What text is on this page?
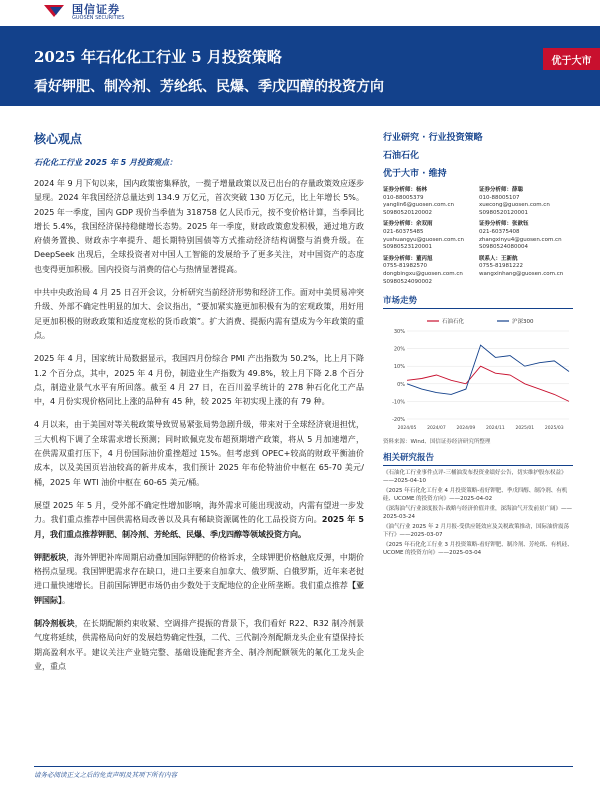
国信证券
GUOSEN SECURITIES
2025 年石化化工行业 5 月投资策略
看好钾肥、制冷剂、芳纶纸、民爆、季戊四醇的投资方向
优于大市
核心观点
石化化工行业 2025 年 5 月投资观点：

2024 年 9 月下旬以来，国内政策密集释放，一揽子增量政策以及已出台的存量政策效应逐步显现。2024 年我国经济总量达到 134.9 万亿元，首次突破 130 万亿元，比上年增长 5%。2025 年一季度，国内 GDP 现价当季值为 318758 亿人民币元，按不变价格计算，当季同比增长 5.4%，我国经济保持稳健增长态势。2025 年一季度，财政政策愈发积极，通过地方政府债务置换、财政赤字率提升、超长期特别国债等方式推动经济结构调整与消费升级。在 DeepSeek 出现后，全球投资者对中国人工智能的发展给予了更多关注，对中国资产的态度也变得更加积极。国内投资与消费的信心与热情显著提高。

中共中央政治局 4 月 25 日召开会议，分析研究当前经济形势和经济工作。面对中美贸易冲突升级、外部不确定性明显的加大、会议指出，“要加紧实施更加积极有为的宏观政策，用好用足更加积极的财政政策和适度宽松的货币政策”。扩大消费、提振内需有望成为今年政策的重点。

2025 年 4 月，国家统计局数据显示，我国四月份综合 PMI 产出指数为 50.2%，比上月下降 1.2 个百分点，其中，2025 年 4 月份，制造业生产指数为 49.8%，较上月下降 2.8 个百分点，制造业景气水平有所回落。截至 4 月 27 日，在百川盈孚统计的 278 种石化化工产品中，4 月份实现价格同比上涨的品种有 45 种，较 2025 年初实现上涨的有 79 种。

4 月以来，由于美国对等关税政策导致贸易紧张局势急剧升级，带来对于全球经济衰退担忧，三大机构下调了全球需求增长预测；同时欧佩克发布超预期增产政策，将从 5 月加速增产，在供需双重打压下，4 月份国际油价重挫超过 15%。但考虑到 OPEC+较高的财政平衡油价成本，以及美国页岩油较高的新井成本，我们预计 2025 年布伦特油价中枢在 65-70 美元/桶，2025 年 WTI 油价中枢在 60-65 美元/桶。

展望 2025 年 5 月，受外部不确定性增加影响，海外需求可能出现波动，内需有望进一步发力。我们重点推荐中国供需格局改善以及具有稀缺资源属性的化工品投资方向。2025 年 5 月，我们重点推荐钾肥、制冷剂、芳纶纸、民爆、季戊四醇等领域投资方向。

钾肥板块，海外钾肥补库周期启动叠加国际钾肥的价格诉求，全球钾肥价格触底反弹，中期价格拐点显现。我国钾肥需求存在缺口，进口主要来自加拿大、俄罗斯、白俄罗斯，近年来老挝进口量快速增长。目前国际钾肥市场仍由少数处于支配地位的企业所垄断。我们重点推荐【亚钾国际】。

制冷剂板块，在长期配额约束收紧、空调排产提振的背景下，我们看好 R22、R32 制冷剂景气度将延续，供需格局向好的发展趋势确定性强，二代、三代制冷剂配额龙头企业有望保持长期高盈利水平。建议关注产业链完整、基础设施配套齐全、制冷剂配额领先的氟化工龙头企业，重点

行业研究 · 行业投资策略
石油石化
优于大市 · 维持
证券分析师：杨林
010-88005379
yanglin6@guosen.com.cn
S0980520120002
证券分析师：薛聪
010-88005107
xuecong@guosen.com.cn
S0980520120001
证券分析师：余双雨
021-60375485
yushuangyu@guosen.com.cn
S0980523120001
证券分析师：张歆钰
021-60375408
zhangxinyu4@guosen.com.cn
S0980524080004
证券分析师：董丙旭
0755-81982570
dongbingxu@guosen.com.cn
S0980524090002
联系人：王新航
0755-81981222
wangxinhang@guosen.com.cn
市场走势
30%
20%
10%
0%
-10%
-20%
2024/05 2024/07 2024/09 2024/11 2025/01 2025/03
石油石化	沪深300
资料来源：Wind、国信证券经济研究所整理
相关研究报告
《石油化工行业事件点评-三桶油发布投资业绩好公告，切实维护股东权益》——2025-04-10
《2025 年石化化工行业 4 月投资策略-看好钾肥、季戊四醇、制冷剂、有机硅、UCOME 的投资方向》——2025-04-02
《深海油气行业深度报告-战略与经济价值并重，深海油气开发前景广阔》——2025-03-24
《油气行业 2025 年 2 月月报-受供应链效应及关税政策推动，国际油价震荡下行》——2025-03-07
《2025 年石化化工行业 3 月投资策略-看好钾肥、制冷剂、芳纶纸、有机硅、UCOME 的投资方向》——2025-03-04
请务必阅读正文之后的免责声明及其项下所有内容
